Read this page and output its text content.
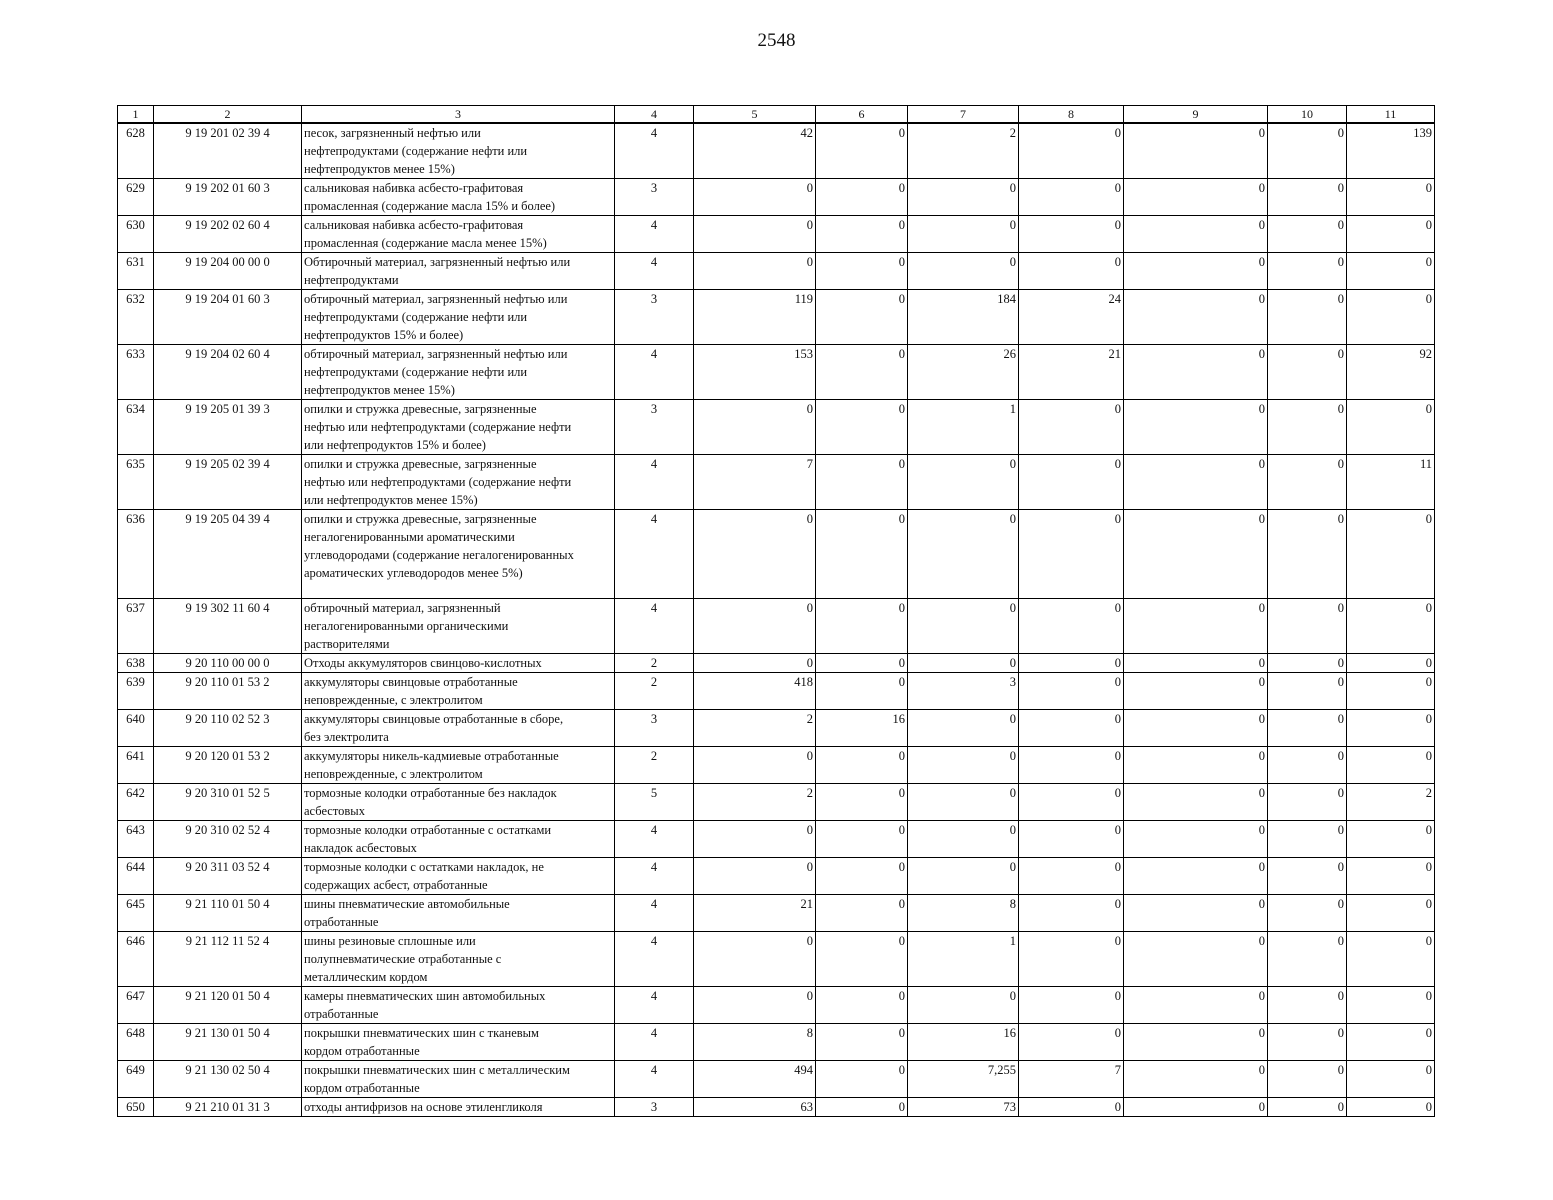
2548
1	2	3	4	5	6	7	8	9	10	11
628	9 19 201 02 39 4	песок, загрязненный нефтью или
нефтепродуктами (содержание нефти или
нефтепродуктов менее 15%)	4	42	0	2	0	0	0	139
629	9 19 202 01 60 3	сальниковая набивка асбесто-графитовая
промасленная (содержание масла 15% и более)	3	0	0	0	0	0	0	0
630	9 19 202 02 60 4	сальниковая набивка асбесто-графитовая
промасленная (содержание масла менее 15%)	4	0	0	0	0	0	0	0
631	9 19 204 00 00 0	Обтирочный материал, загрязненный нефтью или
нефтепродуктами	4	0	0	0	0	0	0	0
632	9 19 204 01 60 3	обтирочный материал, загрязненный нефтью или
нефтепродуктами (содержание нефти или
нефтепродуктов 15% и более)	3	119	0	184	24	0	0	0
633	9 19 204 02 60 4	обтирочный материал, загрязненный нефтью или
нефтепродуктами (содержание нефти или
нефтепродуктов менее 15%)	4	153	0	26	21	0	0	92
634	9 19 205 01 39 3	опилки и стружка древесные, загрязненные
нефтью или нефтепродуктами (содержание нефти
или нефтепродуктов 15% и более)	3	0	0	1	0	0	0	0
635	9 19 205 02 39 4	опилки и стружка древесные, загрязненные
нефтью или нефтепродуктами (содержание нефти
или нефтепродуктов менее 15%)	4	7	0	0	0	0	0	11
636	9 19 205 04 39 4	опилки и стружка древесные, загрязненные
негалогенированными ароматическими
углеводородами (содержание негалогенированных
ароматических углеводородов менее 5%)	4	0	0	0	0	0	0	0
637	9 19 302 11 60 4	обтирочный материал, загрязненный
негалогенированными органическими
растворителями	4	0	0	0	0	0	0	0
638	9 20 110 00 00 0	Отходы аккумуляторов свинцово-кислотных	2	0	0	0	0	0	0	0
639	9 20 110 01 53 2	аккумуляторы свинцовые отработанные
неповрежденные, с электролитом	2	418	0	3	0	0	0	0
640	9 20 110 02 52 3	аккумуляторы свинцовые отработанные в сборе,
без электролита	3	2	16	0	0	0	0	0
641	9 20 120 01 53 2	аккумуляторы никель-кадмиевые отработанные
неповрежденные, с электролитом	2	0	0	0	0	0	0	0
642	9 20 310 01 52 5	тормозные колодки отработанные без накладок
асбестовых	5	2	0	0	0	0	0	2
643	9 20 310 02 52 4	тормозные колодки отработанные с остатками
накладок асбестовых	4	0	0	0	0	0	0	0
644	9 20 311 03 52 4	тормозные колодки с остатками накладок, не
содержащих асбест, отработанные	4	0	0	0	0	0	0	0
645	9 21 110 01 50 4	шины пневматические автомобильные
отработанные	4	21	0	8	0	0	0	0
646	9 21 112 11 52 4	шины резиновые сплошные или
полупневматические отработанные с
металлическим кордом	4	0	0	1	0	0	0	0
647	9 21 120 01 50 4	камеры пневматических шин автомобильных
отработанные	4	0	0	0	0	0	0	0
648	9 21 130 01 50 4	покрышки пневматических шин с тканевым
кордом отработанные	4	8	0	16	0	0	0	0
649	9 21 130 02 50 4	покрышки пневматических шин с металлическим
кордом отработанные	4	494	0	7,255	7	0	0	0
650	9 21 210 01 31 3	отходы антифризов на основе этиленгликоля	3	63	0	73	0	0	0	0
